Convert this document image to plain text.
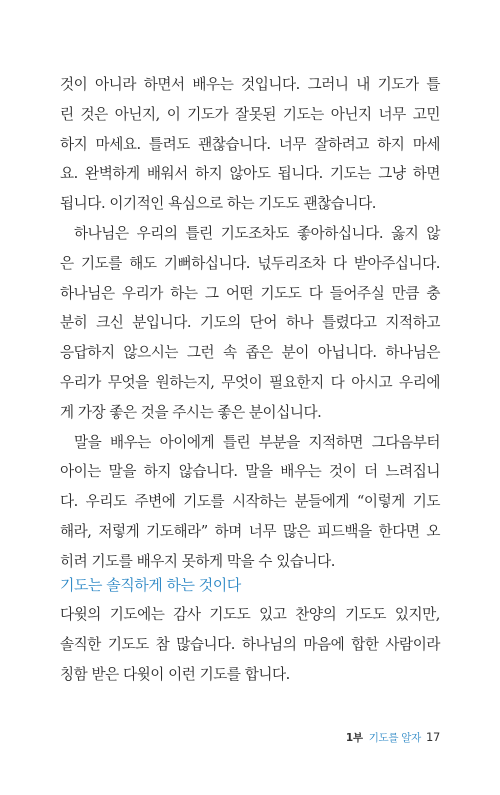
것이 아니라 하면서 배우는 것입니다. 그러니 내 기도가 틀
린 것은 아닌지, 이 기도가 잘못된 기도는 아닌지 너무 고민
하지 마세요. 틀려도 괜찮습니다. 너무 잘하려고 하지 마세
요. 완벽하게 배워서 하지 않아도 됩니다. 기도는 그냥 하면
됩니다. 이기적인 욕심으로 하는 기도도 괜찮습니다.
하나님은 우리의 틀린 기도조차도 좋아하십니다. 옳지 않
은 기도를 해도 기뻐하십니다. 넋두리조차 다 받아주십니다.
하나님은 우리가 하는 그 어떤 기도도 다 들어주실 만큼 충
분히 크신 분입니다. 기도의 단어 하나 틀렸다고 지적하고
응답하지 않으시는 그런 속 좁은 분이 아닙니다. 하나님은
우리가 무엇을 원하는지, 무엇이 필요한지 다 아시고 우리에
게 가장 좋은 것을 주시는 좋은 분이십니다.
말을 배우는 아이에게 틀린 부분을 지적하면 그다음부터
아이는 말을 하지 않습니다. 말을 배우는 것이 더 느려집니
다. 우리도 주변에 기도를 시작하는 분들에게 “이렇게 기도
해라, 저렇게 기도해라” 하며 너무 많은 피드백을 한다면 오
히려 기도를 배우지 못하게 막을 수 있습니다.
기도는 솔직하게 하는 것이다
다윗의 기도에는 감사 기도도 있고 찬양의 기도도 있지만,
솔직한 기도도 참 많습니다. 하나님의 마음에 합한 사람이라
칭함 받은 다윗이 이런 기도를 합니다.
1부 기도를 알자 17
